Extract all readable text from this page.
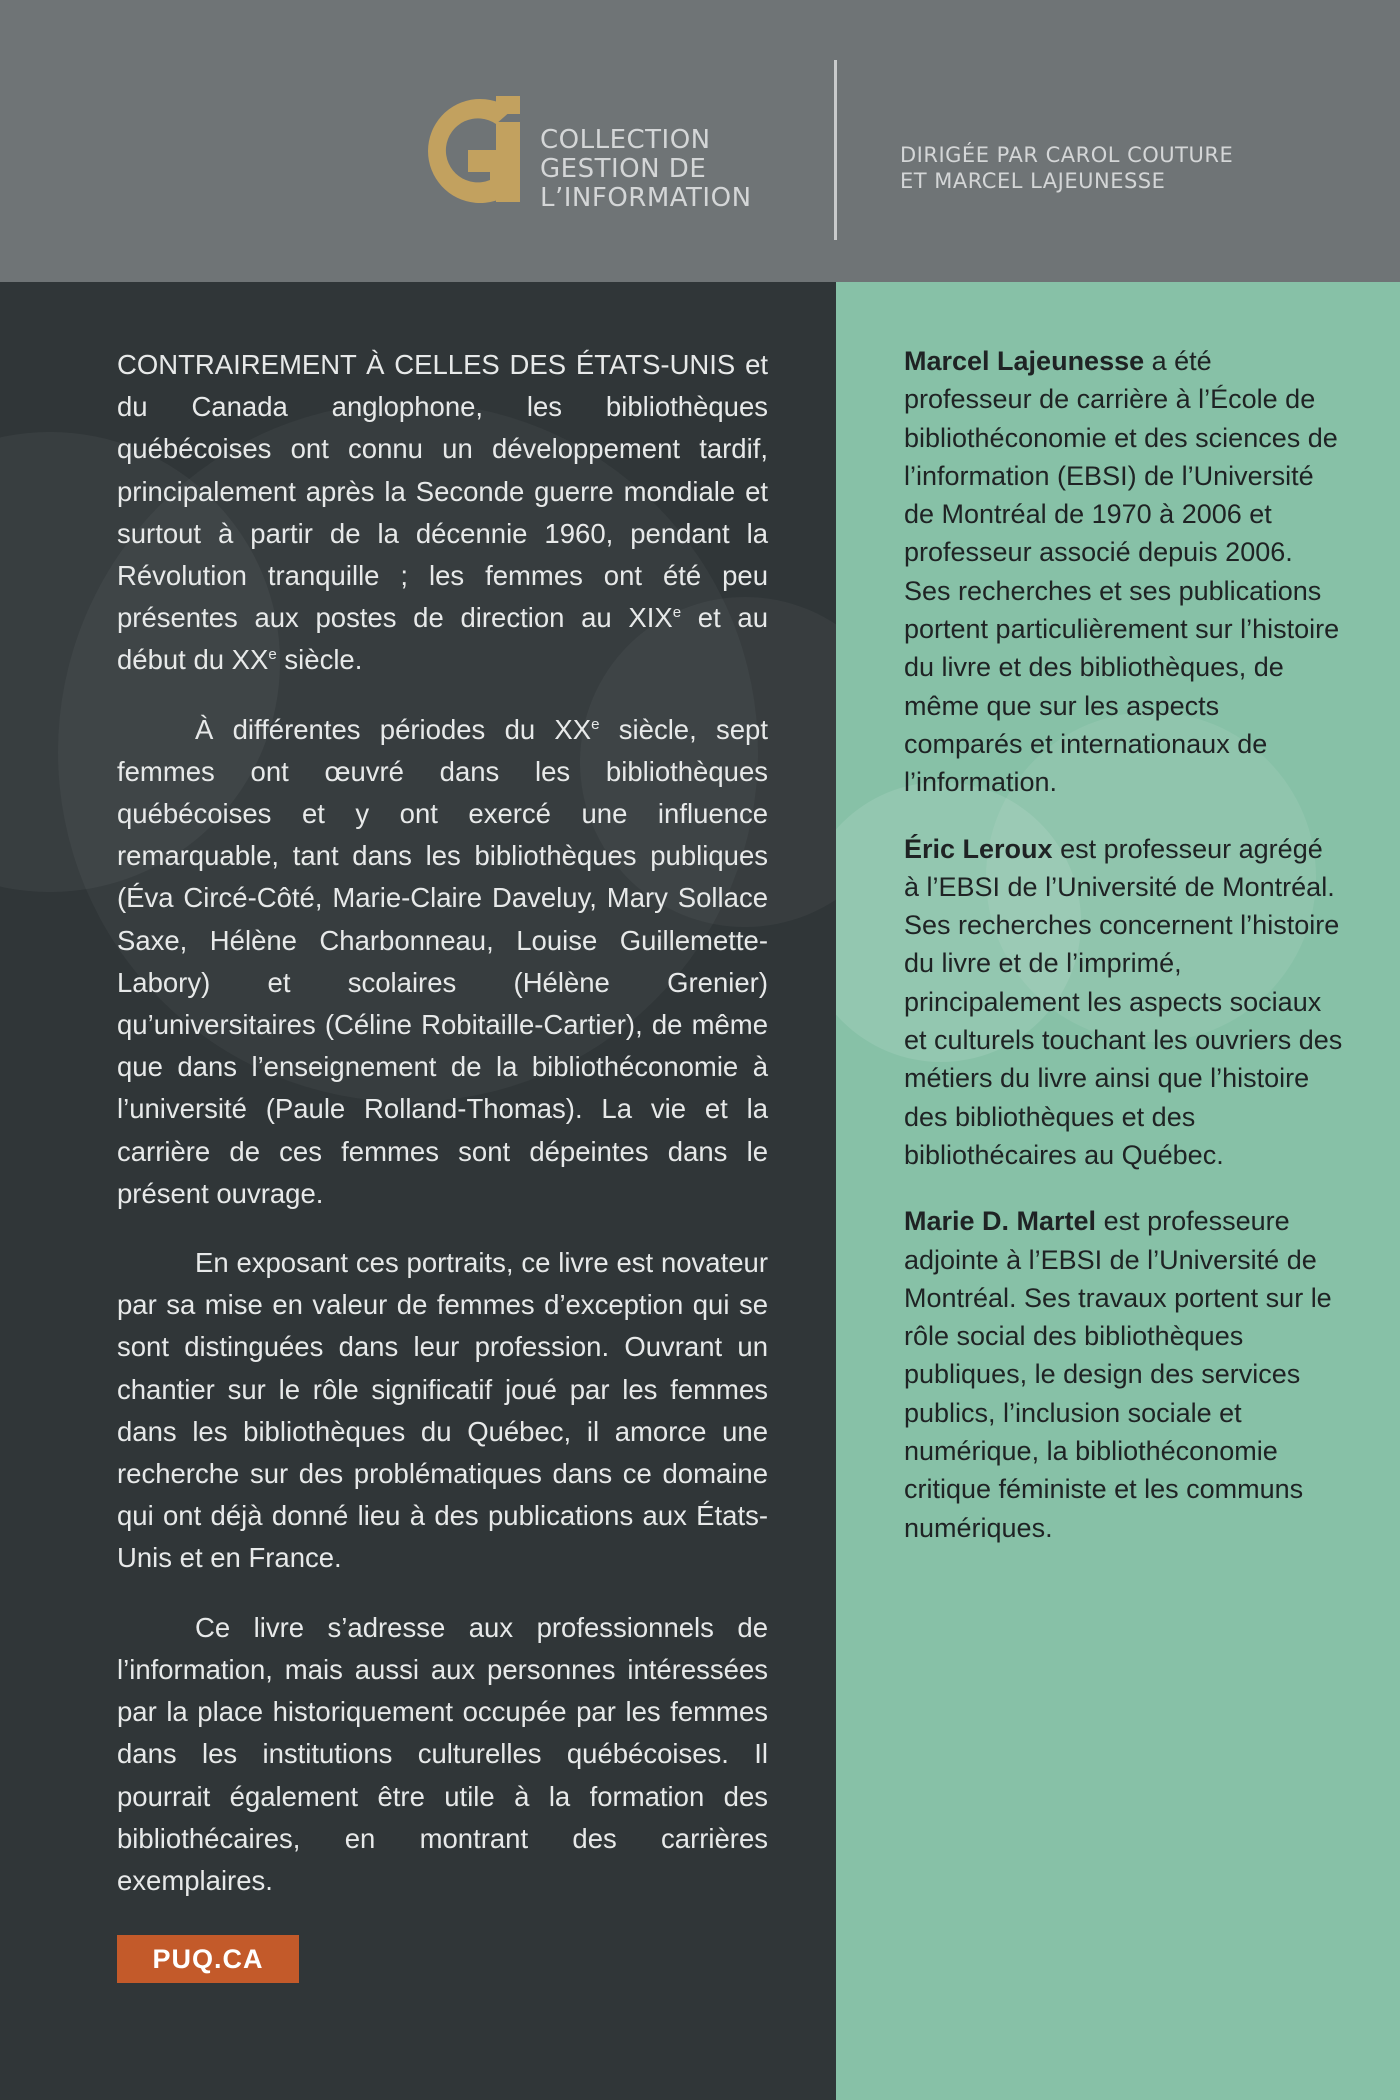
COLLECTION
GESTION DE
L’INFORMATION
DIRIGÉE PAR CAROL COUTURE
ET MARCEL LAJEUNESSE

CONTRAIREMENT À CELLES DES ÉTATS-UNIS et du Canada anglophone, les bibliothèques québécoises ont connu un développement tardif, principalement après la Seconde guerre mondiale et surtout à partir de la décennie 1960, pendant la Révolution tranquille ; les femmes ont été peu présentes aux postes de direction au XIXe et au début du XXe siècle.

À différentes périodes du XXe siècle, sept femmes ont œuvré dans les bibliothèques québécoises et y ont exercé une influence remarquable, tant dans les bibliothèques publiques (Éva Circé-Côté, Marie-Claire Daveluy, Mary Sollace Saxe, Hélène Charbonneau, Louise Guillemette-Labory) et scolaires (Hélène Grenier) qu’universitaires (Céline Robitaille-Cartier), de même que dans l’enseignement de la bibliothéconomie à l’université (Paule Rolland-Thomas). La vie et la carrière de ces femmes sont dépeintes dans le présent ouvrage.

En exposant ces portraits, ce livre est novateur par sa mise en valeur de femmes d’exception qui se sont distinguées dans leur profession. Ouvrant un chantier sur le rôle significatif joué par les femmes dans les bibliothèques du Québec, il amorce une recherche sur des problématiques dans ce domaine qui ont déjà donné lieu à des publications aux États-Unis et en France.

Ce livre s’adresse aux professionnels de l’information, mais aussi aux personnes intéressées par la place historiquement occupée par les femmes dans les institutions culturelles québécoises. Il pourrait également être utile à la formation des bibliothécaires, en montrant des carrières exemplaires.

PUQ.CA

Marcel Lajeunesse a été professeur de carrière à l’École de bibliothéconomie et des sciences de l’information (EBSI) de l’Université de Montréal de 1970 à 2006 et professeur associé depuis 2006. Ses recherches et ses publications portent particulièrement sur l’histoire du livre et des bibliothèques, de même que sur les aspects comparés et internationaux de l’information.

Éric Leroux est professeur agrégé à l’EBSI de l’Université de Montréal. Ses recherches concernent l’histoire du livre et de l’imprimé, principalement les aspects sociaux et culturels touchant les ouvriers des métiers du livre ainsi que l’histoire des bibliothèques et des bibliothécaires au Québec.

Marie D. Martel est professeure adjointe à l’EBSI de l’Université de Montréal. Ses travaux portent sur le rôle social des bibliothèques publiques, le design des services publics, l’inclusion sociale et numérique, la bibliothéconomie critique féministe et les communs numériques.
